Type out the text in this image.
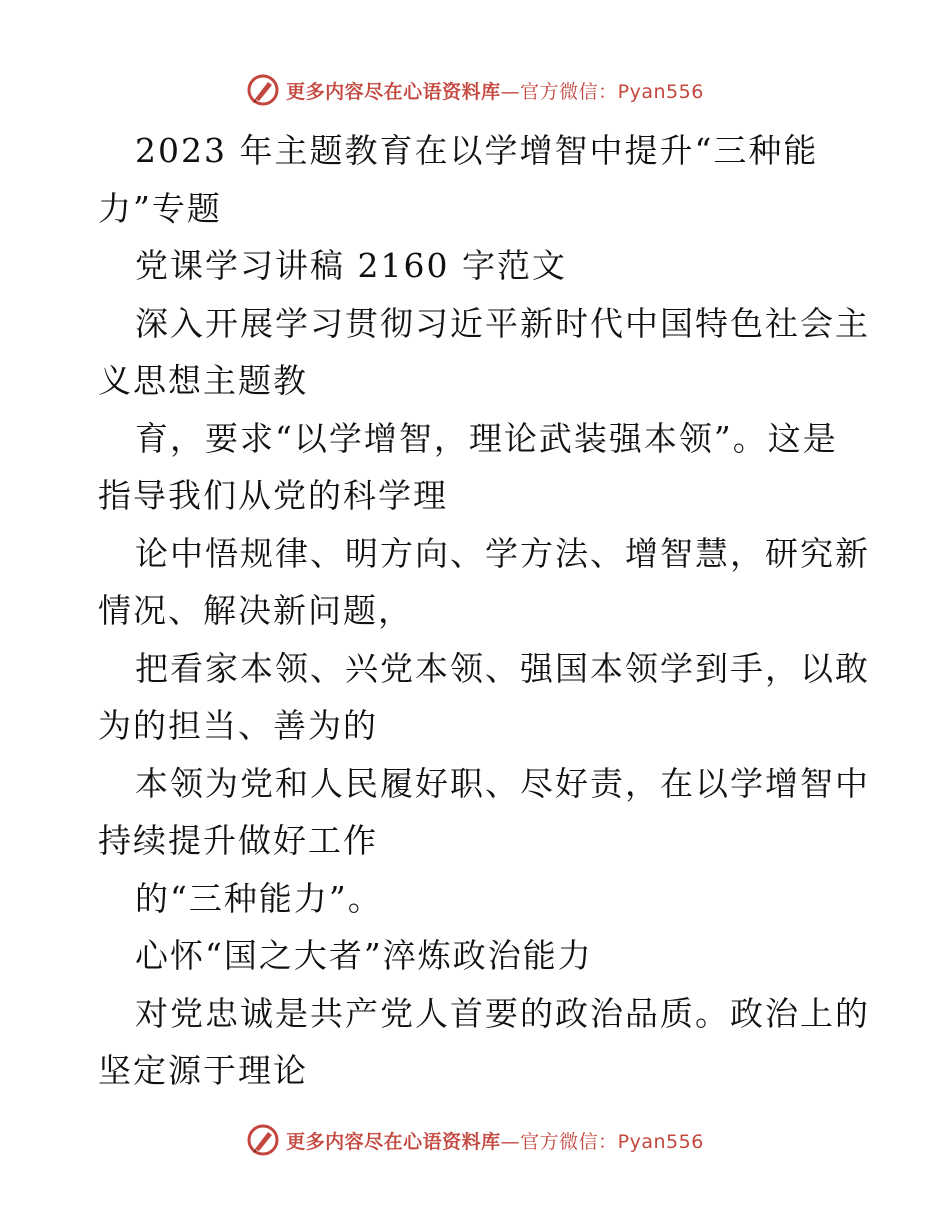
更多内容尽在心语资料库—官方微信：Pyan556
2023 年主题教育在以学增智中提升“三种能
力”专题
党课学习讲稿 2160 字范文
深入开展学习贯彻习近平新时代中国特色社会主
义思想主题教
育，要求“以学增智，理论武装强本领”。这是
指导我们从党的科学理
论中悟规律、明方向、学方法、增智慧，研究新
情况、解决新问题，
把看家本领、兴党本领、强国本领学到手，以敢
为的担当、善为的
本领为党和人民履好职、尽好责，在以学增智中
持续提升做好工作
的“三种能力”。
心怀“国之大者”淬炼政治能力
对党忠诚是共产党人首要的政治品质。政治上的
坚定源于理论
更多内容尽在心语资料库—官方微信：Pyan556
